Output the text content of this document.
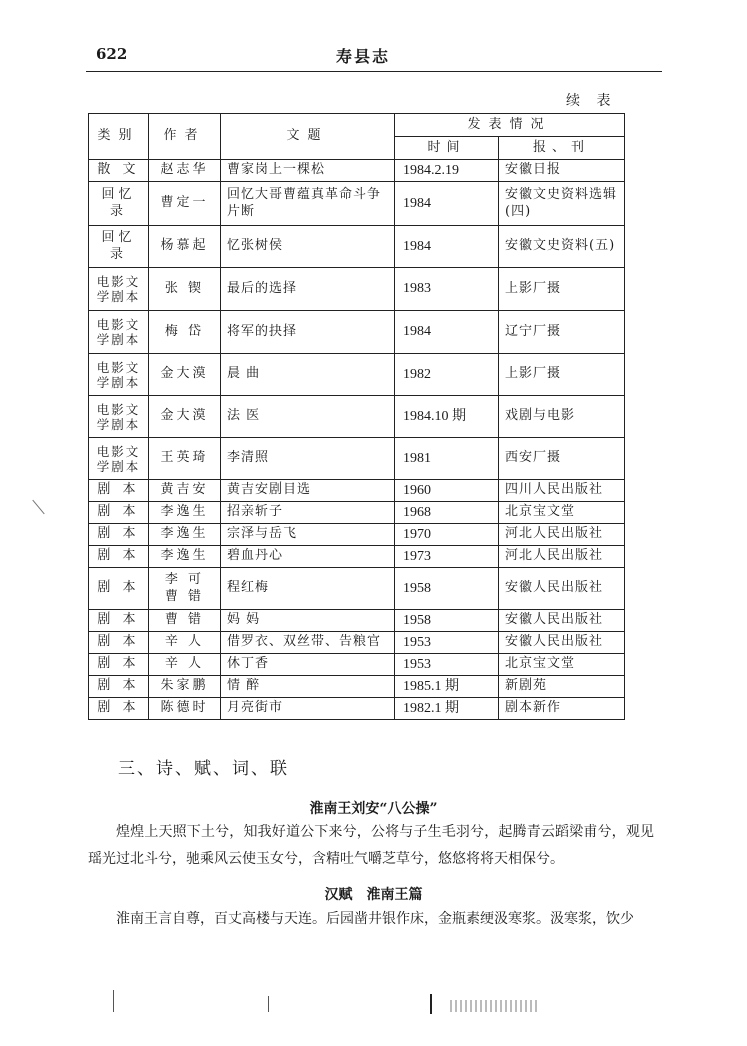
622	寿县志
续 表
类别	作者	文题	发表情况	
			时间	报、刊
散 文	赵志华	曹家岗上一棵松	1984.2.19	安徽日报
回忆录	曹定一	回忆大哥曹蕴真革命斗争片断	1984	安徽文史资料选辑(四)
回忆录	杨慕起	忆张树侯	1984	安徽文史资料(五)
电影文学剧本	张 锲	最后的选择	1983	上影厂摄
电影文学剧本	梅 岱	将军的抉择	1984	辽宁厂摄
电影文学剧本	金大漠	晨 曲	1982	上影厂摄
电影文学剧本	金大漠	法 医	1984.10 期	戏剧与电影
电影文学剧本	王英琦	李清照	1981	西安厂摄
剧 本	黄吉安	黄吉安剧目选	1960	四川人民出版社
剧 本	李逸生	招亲斩子	1968	北京宝文堂
剧 本	李逸生	宗泽与岳飞	1970	河北人民出版社
剧 本	李逸生	碧血丹心	1973	河北人民出版社
剧 本	李 可 曹 错	程红梅	1958	安徽人民出版社
剧 本	曹 错	妈 妈	1958	安徽人民出版社
剧 本	辛 人	借罗衣、双丝带、告粮官	1953	安徽人民出版社
剧 本	辛 人	休丁香	1953	北京宝文堂
剧 本	朱家鹏	情 醉	1985.1 期	新剧苑
剧 本	陈德时	月亮街市	1982.1 期	剧本新作
三、诗、赋、词、联
淮南王刘安“八公操”
煌煌上天照下土兮，知我好道公下来兮，公将与子生毛羽兮，起腾青云蹈梁甫兮，观见瑶光过北斗兮，驰乘风云使玉女兮，含精吐气嚼芝草兮，悠悠将将天相保兮。
汉赋　淮南王篇
淮南王言自尊，百丈高楼与天连。后园凿井银作床，金瓶素绠汲寒浆。汲寒浆，饮少
